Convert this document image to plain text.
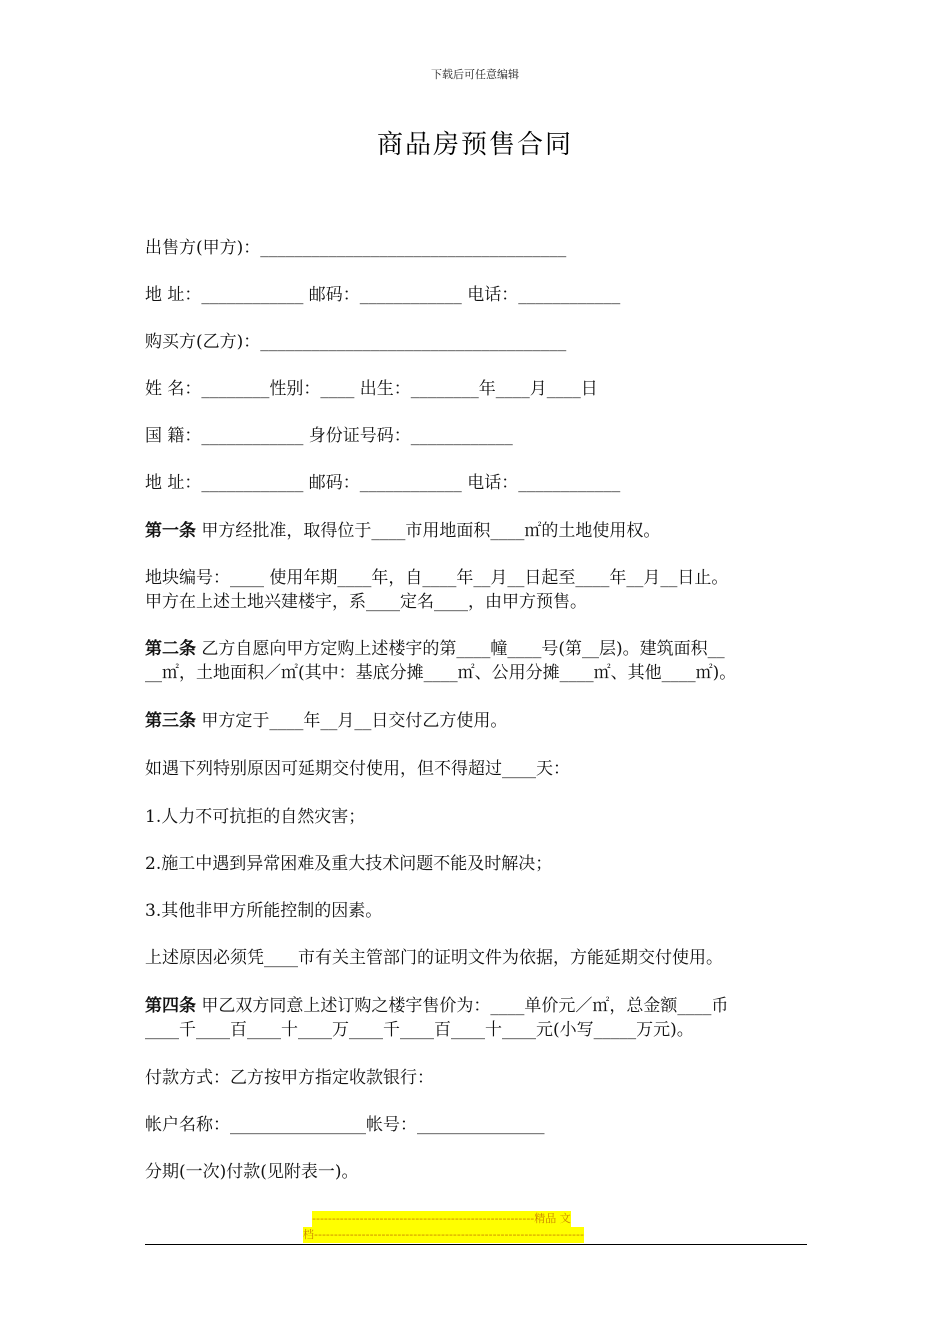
下载后可任意编辑
商品房预售合同
出售方(甲方)：____________________________________
地 址：____________ 邮码：____________ 电话：____________
购买方(乙方)：____________________________________
姓 名：________性别：____ 出生：________年____月____日
国 籍：____________ 身份证号码：____________
地 址：____________ 邮码：____________ 电话：____________
第一条 甲方经批准，取得位于____市用地面积____㎡的土地使用权。
地块编号：____ 使用年期____年，自____年__月__日起至____年__月__日止。
甲方在上述土地兴建楼宇，系____定名____，由甲方预售。
第二条 乙方自愿向甲方定购上述楼宇的第____幢____号(第__层)。建筑面积__
__㎡，土地面积／㎡(其中：基底分摊____㎡、公用分摊____㎡、其他____㎡)。
第三条 甲方定于____年__月__日交付乙方使用。
如遇下列特别原因可延期交付使用，但不得超过____天：
1.人力不可抗拒的自然灾害；
2.施工中遇到异常困难及重大技术问题不能及时解决；
3.其他非甲方所能控制的因素。
上述原因必须凭____市有关主管部门的证明文件为依据，方能延期交付使用。
第四条 甲乙双方同意上述订购之楼宇售价为：____单价元／㎡，总金额____币
____千____百____十____万____千____百____十____元(小写_____万元)。
付款方式：乙方按甲方指定收款银行：
帐户名称：________________帐号：_______________
分期(一次)付款(见附表一)。
--------------------------------------------------------精品 文
档--------------------------------------------------------------------
